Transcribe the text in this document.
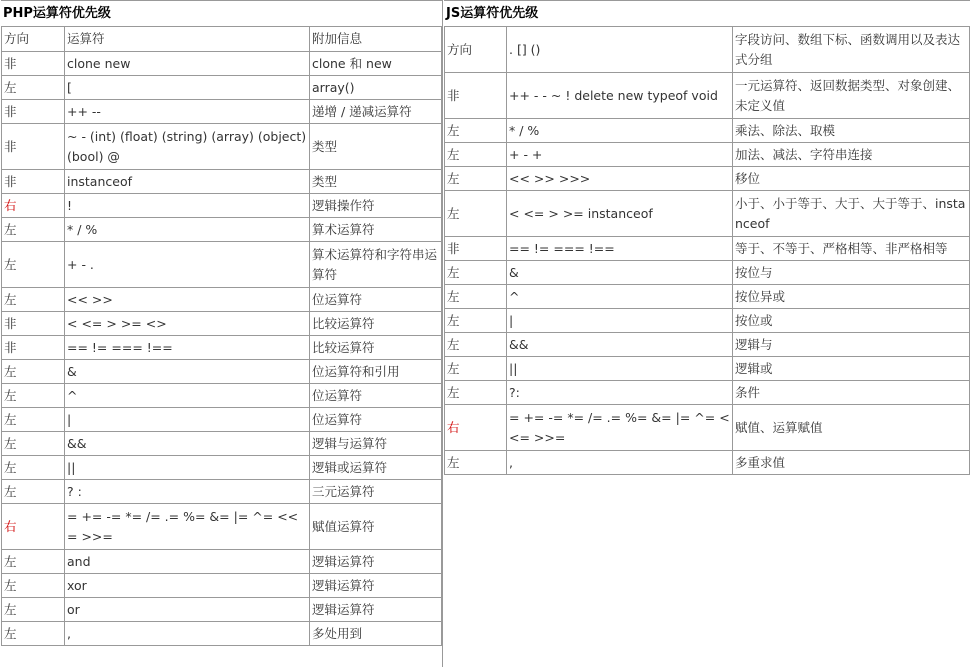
PHP运算符优先级
方向	运算符	附加信息
非	clone new	clone 和 new
左	[	array()
非	++ --	递增 / 递减运算符
非	~ - (int) (float) (string) (array) (object) (bool) @	类型
非	instanceof	类型
右	!	逻辑操作符
左	* / %	算术运算符
左	+ - .	算术运算符和字符串运算符
左	<< >>	位运算符
非	< <= > >= <>	比较运算符
非	== != === !==	比较运算符
左	&	位运算符和引用
左	^	位运算符
左	|	位运算符
左	&&	逻辑与运算符
左	||	逻辑或运算符
左	? :	三元运算符
右	= += -= *= /= .= %= &= |= ^= <<= >>=	赋值运算符
左	and	逻辑运算符
左	xor	逻辑运算符
左	or	逻辑运算符
左	,	多处用到
JS运算符优先级
方向	. [] ()	字段访问、数组下标、函数调用以及表达式分组
非	++ - - ~ ! delete new typeof void	一元运算符、返回数据类型、对象创建、未定义值
左	* / %	乘法、除法、取模
左	+ - +	加法、减法、字符串连接
左	<< >> >>>	移位
左	< <= > >= instanceof	小于、小于等于、大于、大于等于、instanceof
非	== != === !==	等于、不等于、严格相等、非严格相等
左	&	按位与
左	^	按位异或
左	|	按位或
左	&&	逻辑与
左	||	逻辑或
左	?:	条件
右	= += -= *= /= .= %= &= |= ^= <<= >>=	赋值、运算赋值
左	,	多重求值
